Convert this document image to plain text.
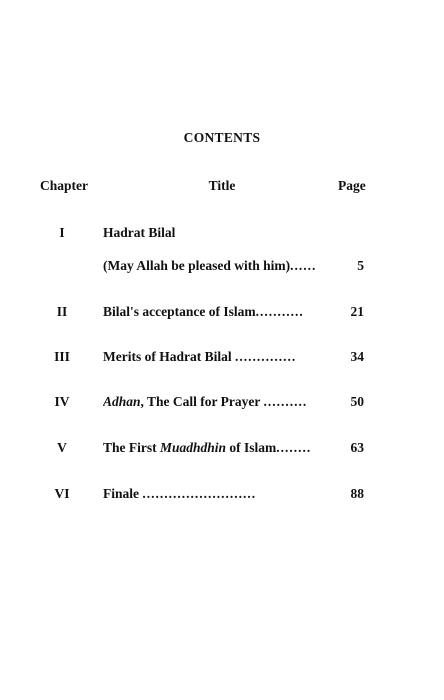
CONTENTS
Chapter	Title	Page
I	Hadrat Bilal
(May Allah be pleased with him)......	5
II	Bilal's acceptance of Islam...........	21
III	Merits of Hadrat Bilal ..............	34
IV	Adhan, The Call for Prayer ..........	50
V	The First Muadhdhin of Islam........	63
VI	Finale ..........................	88
